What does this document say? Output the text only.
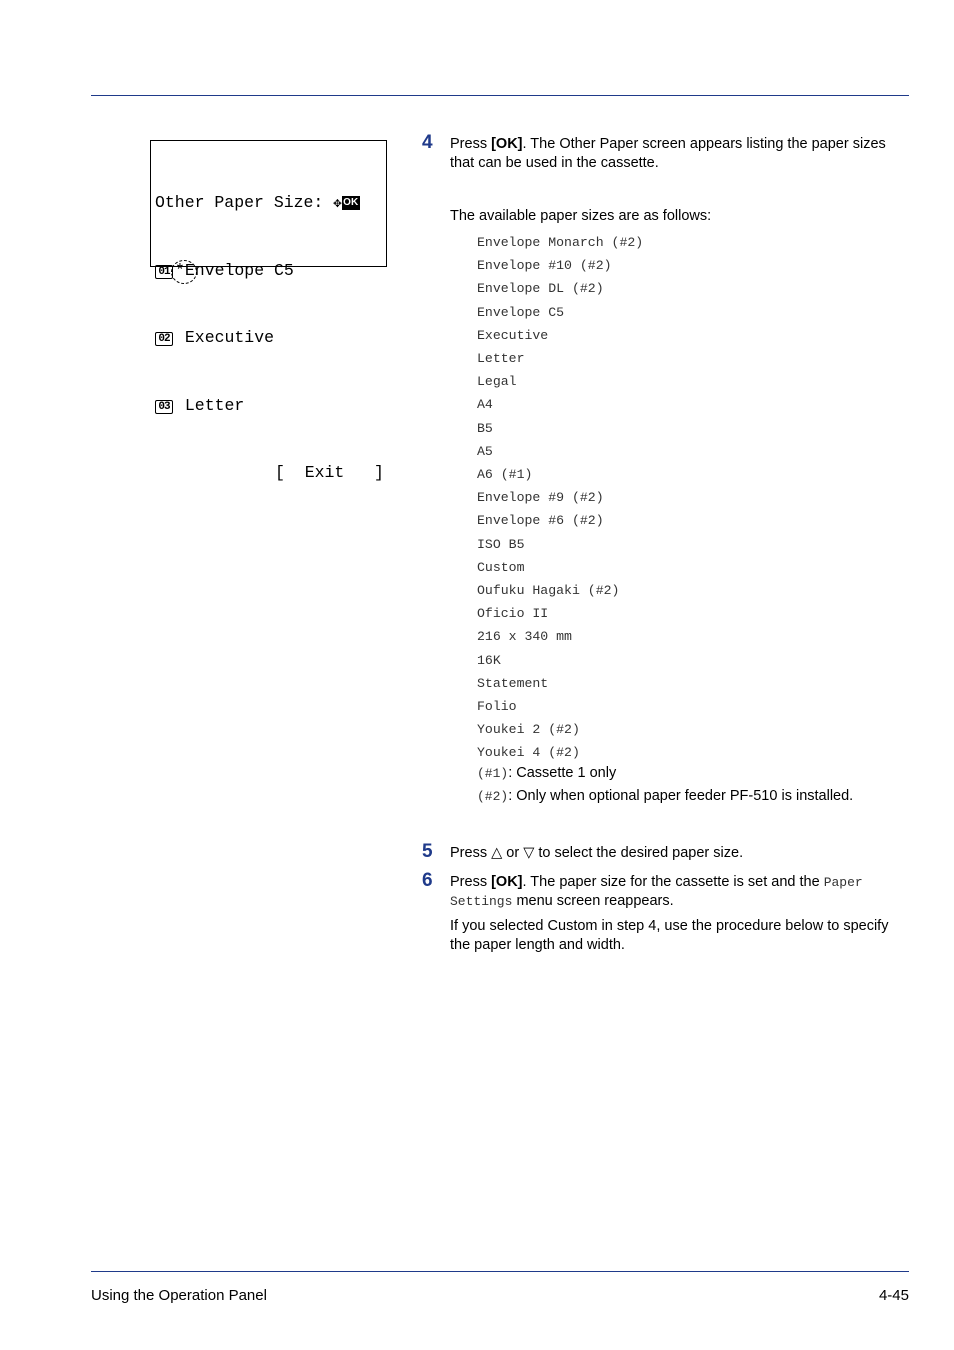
Other Paper Size: ✥ OK

01 *Envelope C5

02 Executive

03 Letter

[  Exit   ]

4 Press [OK]. The Other Paper screen appears listing the paper sizes that can be used in the cassette.
The available paper sizes are as follows:
Envelope Monarch (#2)
Envelope #10 (#2)
Envelope DL (#2)
Envelope C5
Executive
Letter
Legal
A4
B5
A5
A6 (#1)
Envelope #9 (#2)
Envelope #6 (#2)
ISO B5
Custom
Oufuku Hagaki (#2)
Oficio II
216 x 340 mm
16K
Statement
Folio
Youkei 2 (#2)
Youkei 4 (#2)
(#1): Cassette 1 only
(#2): Only when optional paper feeder PF-510 is installed.
5 Press △ or ▽ to select the desired paper size.
6 Press [OK]. The paper size for the cassette is set and the Paper Settings menu screen reappears.
If you selected Custom in step 4, use the procedure below to specify the paper length and width.
Using the Operation Panel	4-45
